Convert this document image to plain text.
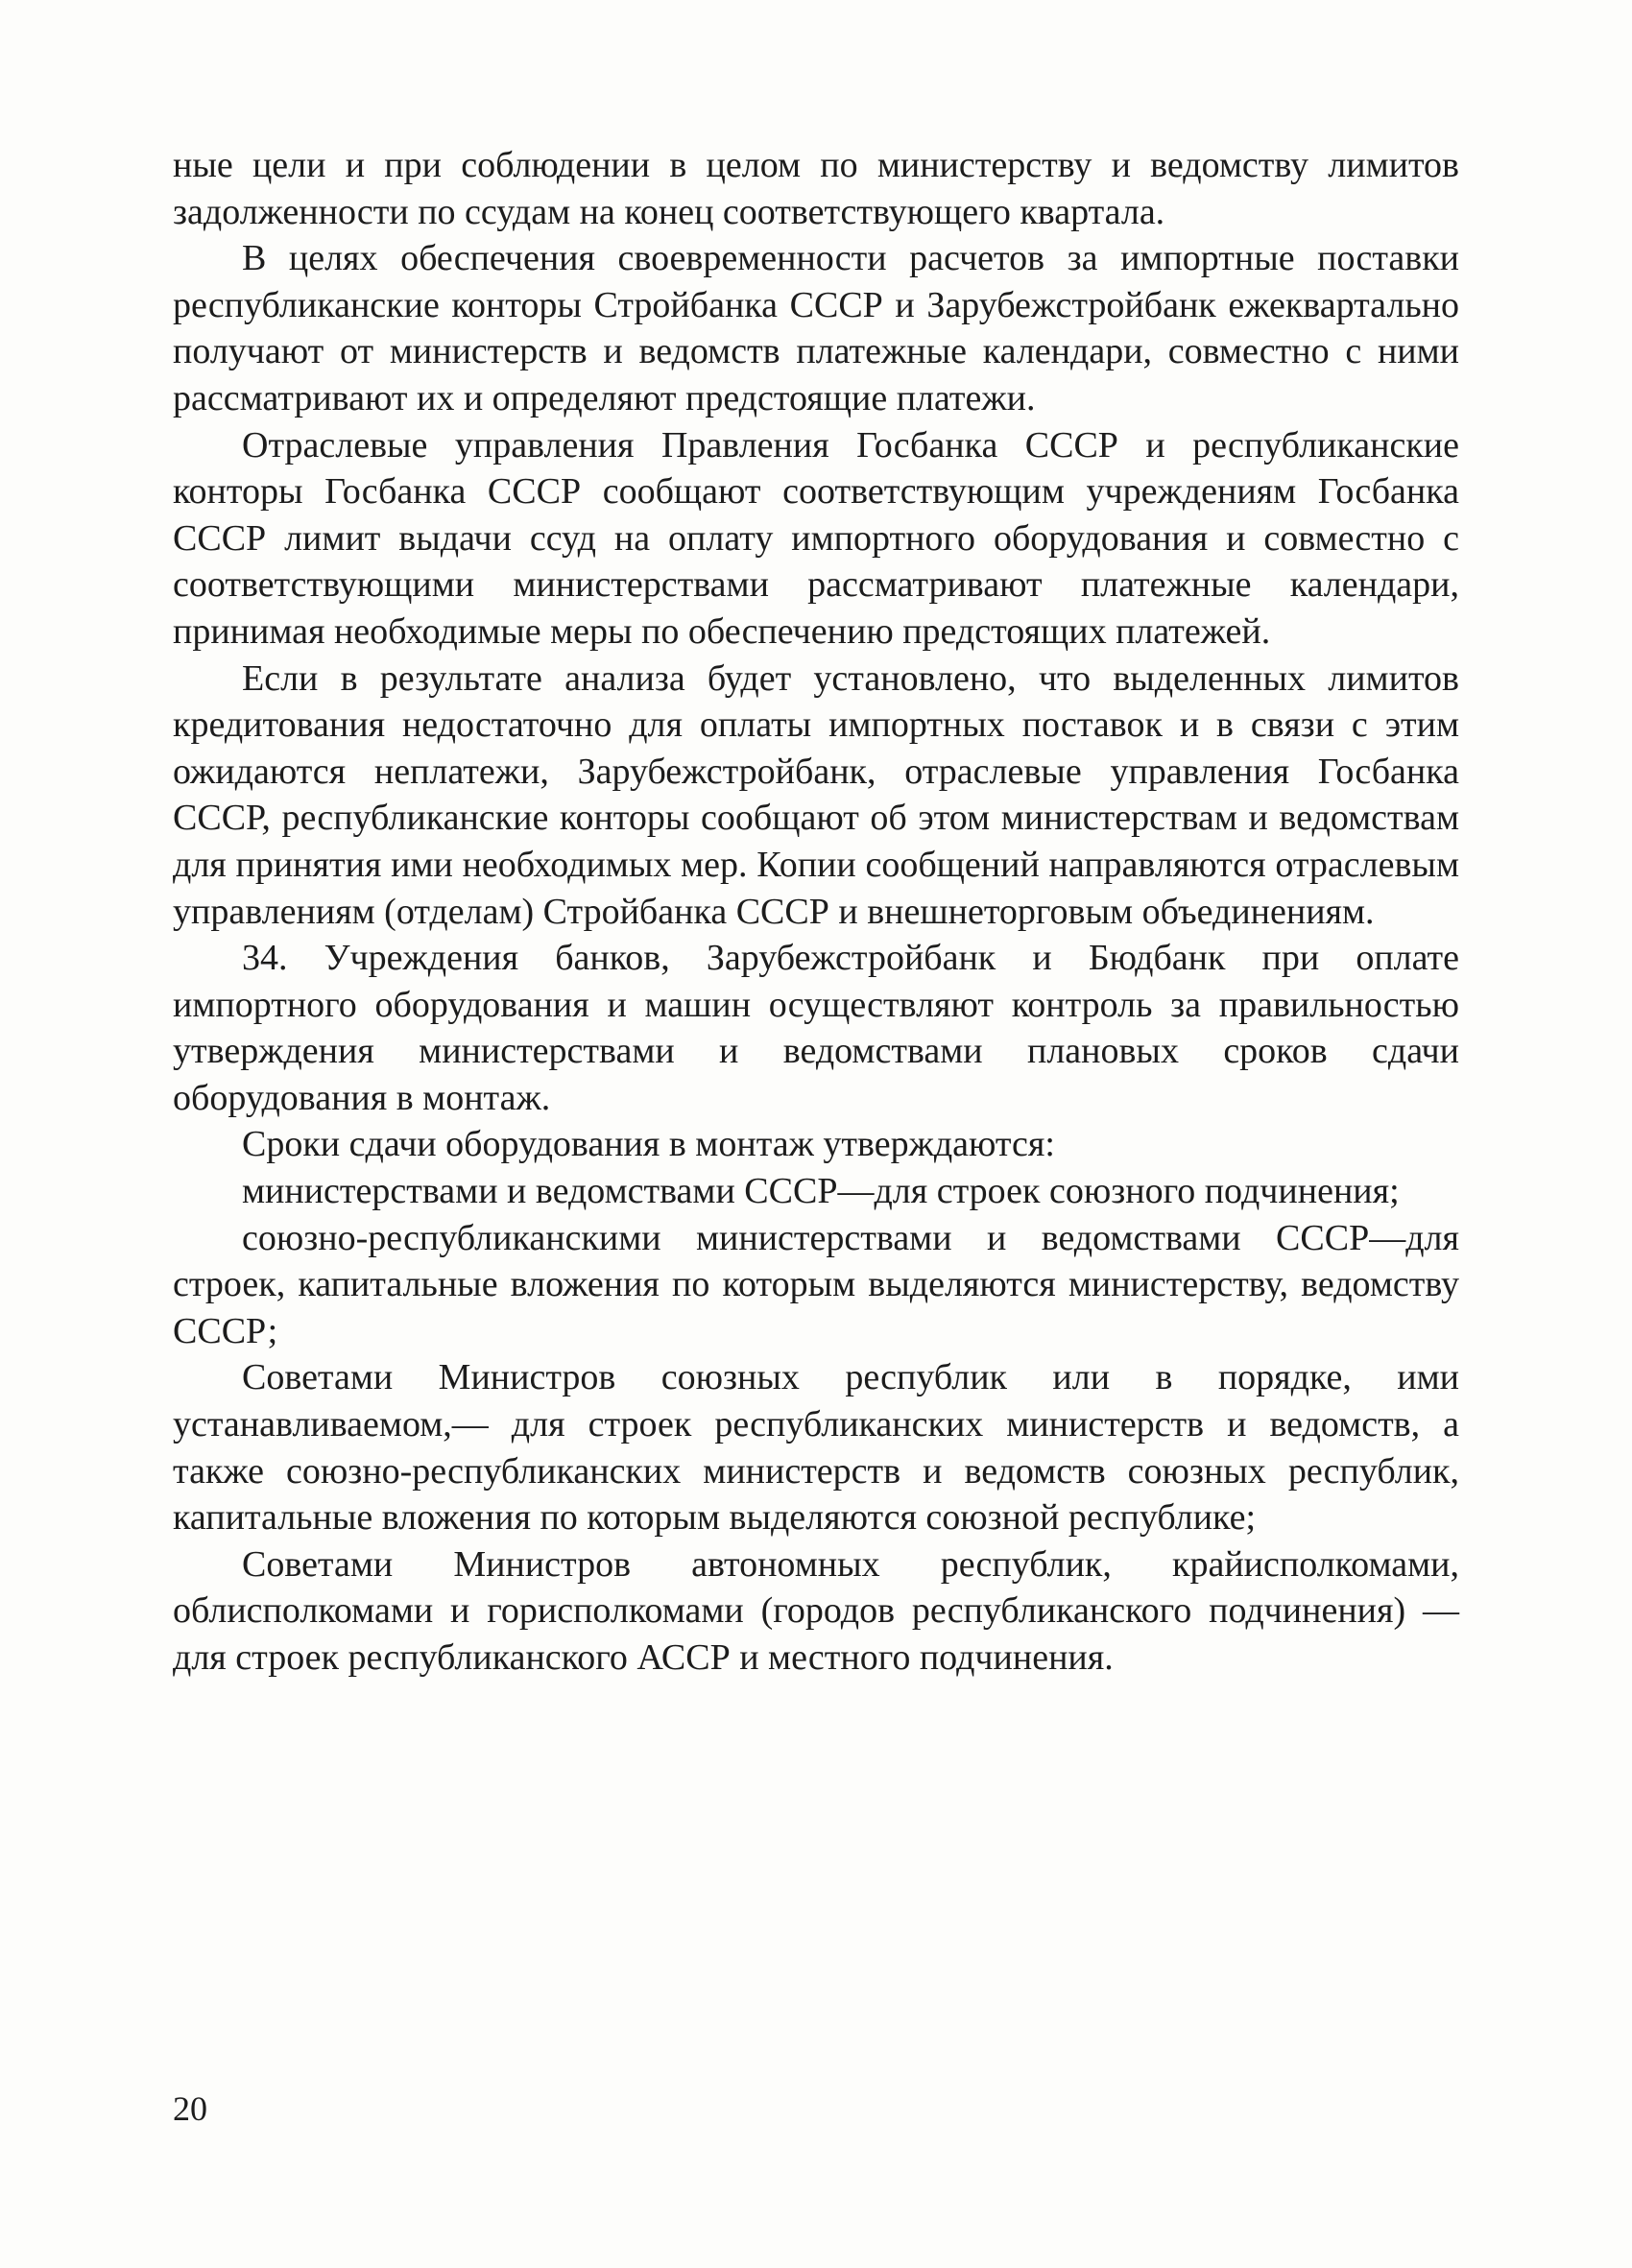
ные цели и при соблюдении в целом по министерству и ведомству лимитов задолженности по ссудам на конец соответствующего квартала.

В целях обеспечения своевременности расчетов за импортные поставки республиканские конторы Стройбанка СССР и Зарубежстройбанк ежеквартально получают от министерств и ведомств платежные календари, совместно с ними рассматривают их и определяют предстоящие платежи.

Отраслевые управления Правления Госбанка СССР и республиканские конторы Госбанка СССР сообщают соответствующим учреждениям Госбанка СССР лимит выдачи ссуд на оплату импортного оборудования и совместно с соответствующими министерствами рассматривают платежные календари, принимая необходимые меры по обеспечению предстоящих платежей.

Если в результате анализа будет установлено, что выделенных лимитов кредитования недостаточно для оплаты импортных поставок и в связи с этим ожидаются неплатежи, Зарубежстройбанк, отраслевые управления Госбанка СССР, республиканские конторы сообщают об этом министерствам и ведомствам для принятия ими необходимых мер. Копии сообщений направляются отраслевым управлениям (отделам) Стройбанка СССР и внешнеторговым объединениям.

34. Учреждения банков, Зарубежстройбанк и Бюдбанк при оплате импортного оборудования и машин осуществляют контроль за правильностью утверждения министерствами и ведомствами плановых сроков сдачи оборудования в монтаж.

Сроки сдачи оборудования в монтаж утверждаются:

министерствами и ведомствами СССР—для строек союзного подчинения;

союзно-республиканскими министерствами и ведомствами СССР—для строек, капитальные вложения по которым выделяются министерству, ведомству СССР;

Советами Министров союзных республик или в порядке, ими устанавливаемом,— для строек республиканских министерств и ведомств, а также союзно-республиканских министерств и ведомств союзных республик, капитальные вложения по которым выделяются союзной республике;

Советами Министров автономных республик, крайисполкомами, облисполкомами и горисполкомами (городов республиканского подчинения) — для строек республиканского АССР и местного подчинения.

20
